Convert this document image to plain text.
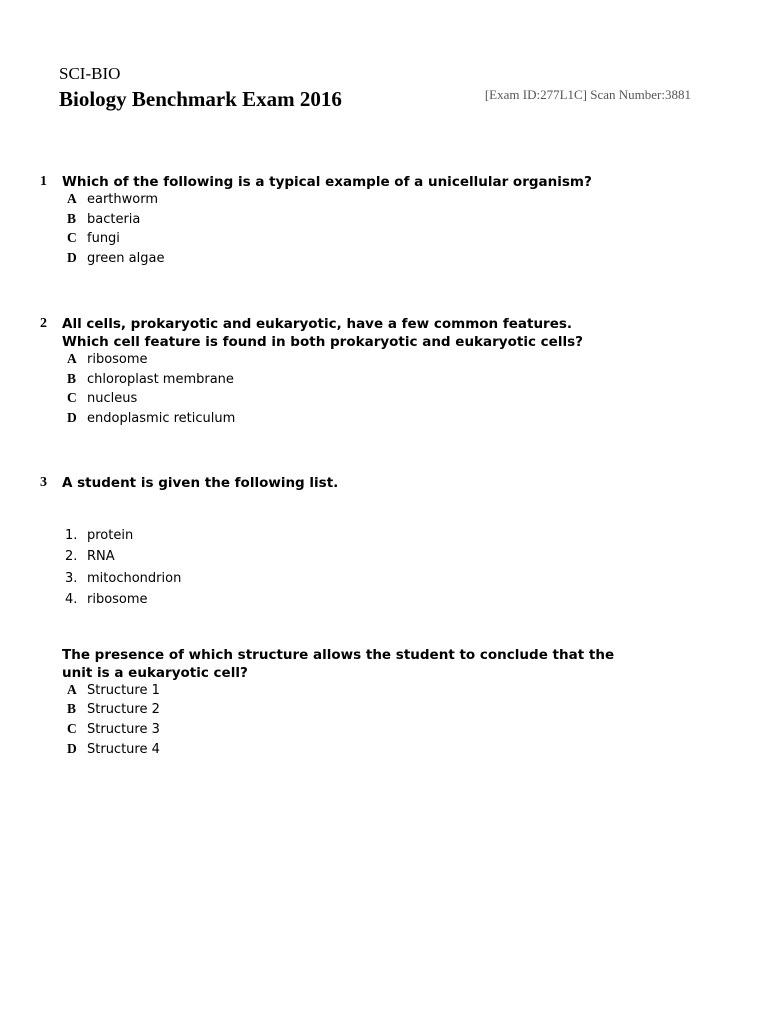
SCI-BIO
Biology Benchmark Exam 2016	[Exam ID:277L1C] Scan Number:3881
1 Which of the following is a typical example of a unicellular organism?
A earthworm
B bacteria
C fungi
D green algae
2 All cells, prokaryotic and eukaryotic, have a few common features. Which cell feature is found in both prokaryotic and eukaryotic cells?
A ribosome
B chloroplast membrane
C nucleus
D endoplasmic reticulum
3 A student is given the following list.
1. protein
2. RNA
3. mitochondrion
4. ribosome
The presence of which structure allows the student to conclude that the unit is a eukaryotic cell?
A Structure 1
B Structure 2
C Structure 3
D Structure 4
